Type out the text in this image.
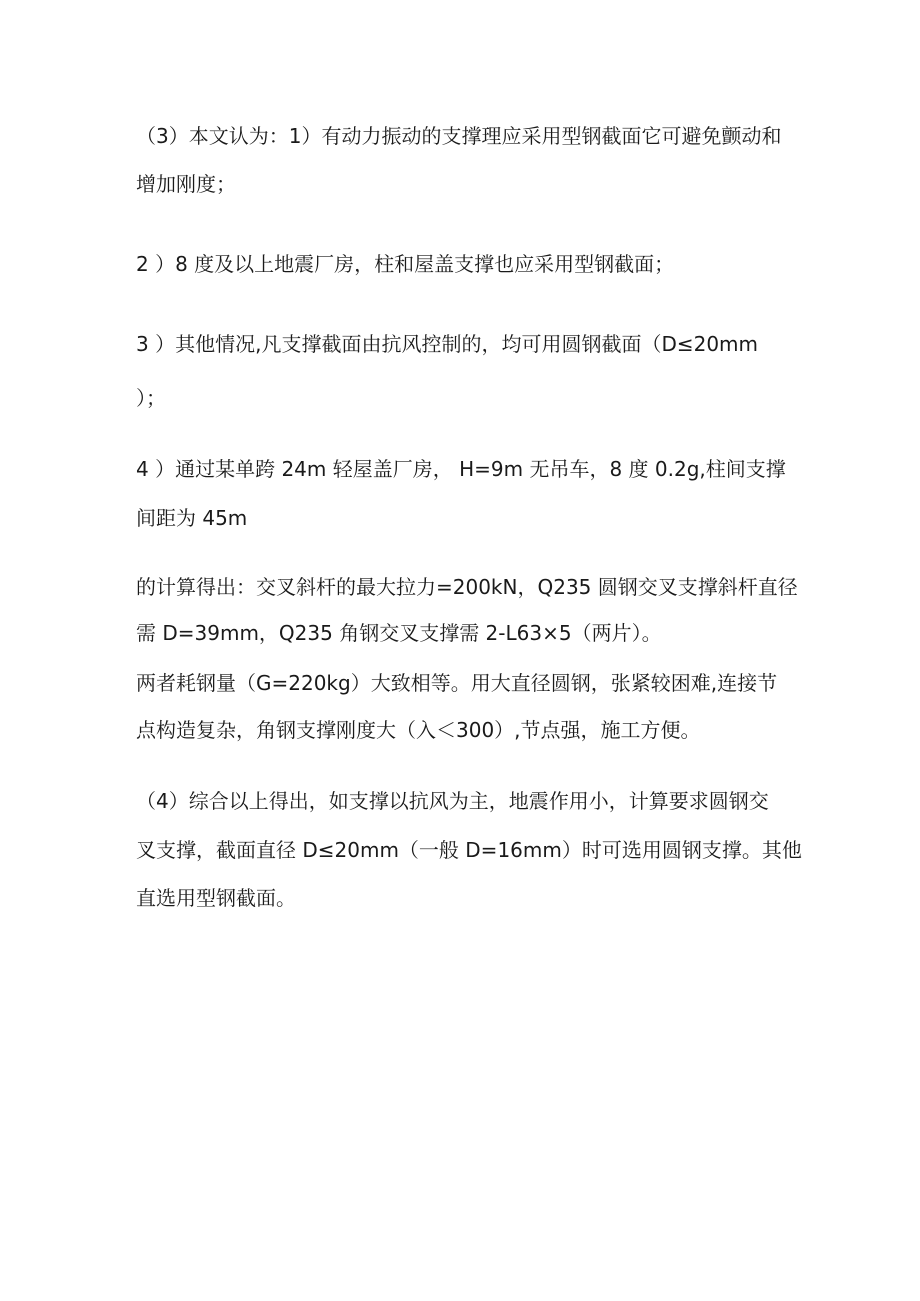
（3）本文认为：1）有动力振动的支撑理应采用型钢截面它可避免颤动和
增加刚度；
2 ）8 度及以上地震厂房，柱和屋盖支撑也应采用型钢截面；
3 ）其他情况,凡支撑截面由抗风控制的，均可用圆钢截面（D≤20mm
）；
4 ）通过某单跨 24m 轻屋盖厂房， H=9m 无吊车，8 度 0.2g,柱间支撑
间距为 45m
的计算得出：交叉斜杆的最大拉力=200kN，Q235 圆钢交叉支撑斜杆直径
需 D=39mm，Q235 角钢交叉支撑需 2-L63×5（两片）。
两者耗钢量（G=220kg）大致相等。用大直径圆钢，张紧较困难,连接节
点构造复杂，角钢支撑刚度大（入＜300）,节点强，施工方便。
（4）综合以上得出，如支撑以抗风为主，地震作用小，计算要求圆钢交
叉支撑，截面直径 D≤20mm（一般 D=16mm）时可选用圆钢支撑。其他
直选用型钢截面。
